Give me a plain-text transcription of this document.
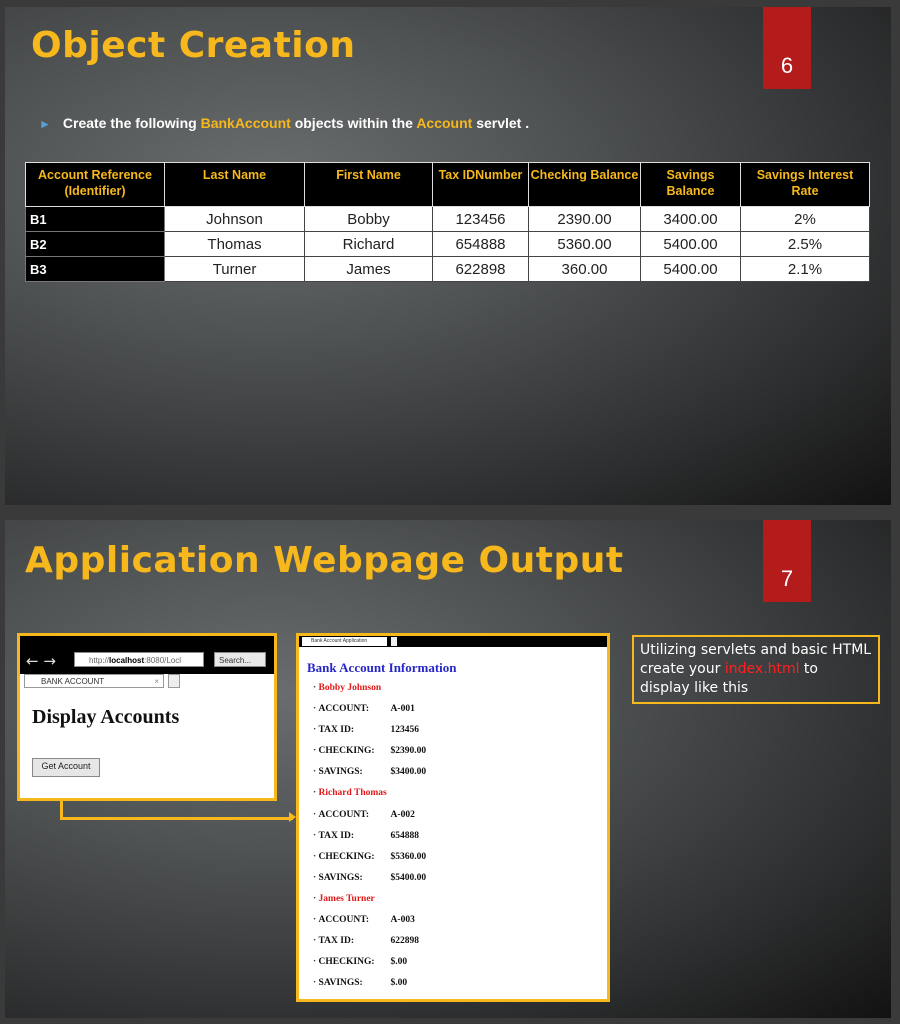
Object Creation	6
► Create the following BankAccount objects within the Account servlet .
Account Reference (Identifier)	Last Name	First Name	Tax IDNumber	Checking Balance	Savings Balance	Savings Interest Rate
B1	Johnson	Bobby	123456	2390.00	3400.00	2%
B2	Thomas	Richard	654888	5360.00	5400.00	2.5%
B3	Turner	James	622898	360.00	5400.00	2.1%
Application Webpage Output	7
← →	http://localhost:8080/Locl	Search...
BANK ACCOUNT	×
Display Accounts
Get Account
Bank Account Application
Bank Account Information
· Bobby Johnson
· ACCOUNT: A-001
· TAX ID:	123456
· CHECKING: $2390.00
· SAVINGS:	$3400.00
· Richard Thomas
· ACCOUNT: A-002
· TAX ID:	654888
· CHECKING: $5360.00
· SAVINGS:	$5400.00
· James Turner
· ACCOUNT: A-003
· TAX ID:	622898
· CHECKING: $.00
· SAVINGS:	$.00
Utilizing servlets and basic HTML create your index.html to display like this
